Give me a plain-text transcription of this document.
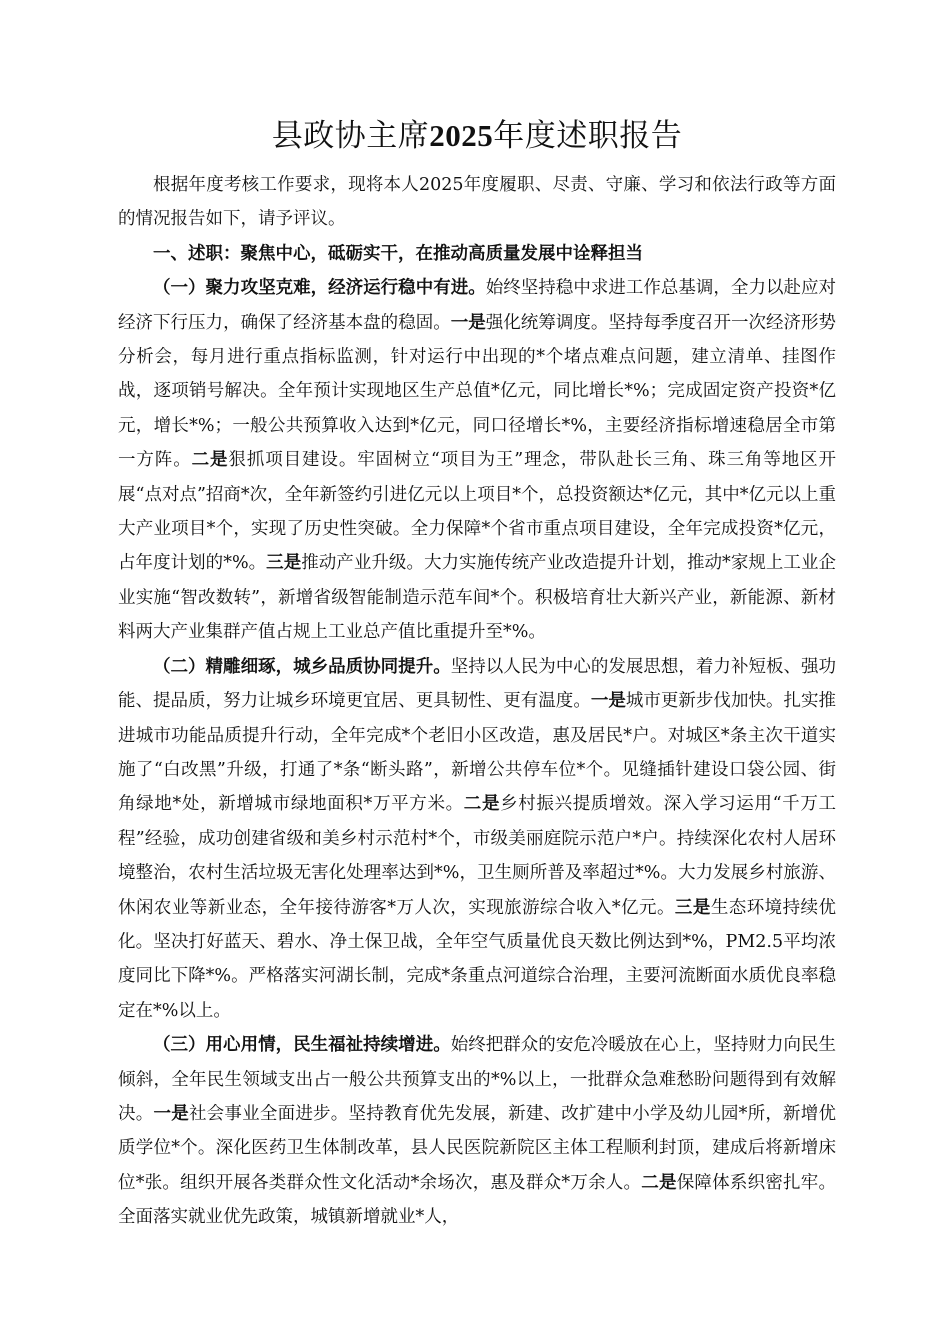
县政协主席2025年度述职报告

根据年度考核工作要求，现将本人2025年度履职、尽责、守廉、学习和依法行政等方面的情况报告如下，请予评议。

一、述职：聚焦中心，砥砺实干，在推动高质量发展中诠释担当

（一）聚力攻坚克难，经济运行稳中有进。始终坚持稳中求进工作总基调，全力以赴应对经济下行压力，确保了经济基本盘的稳固。一是强化统筹调度。坚持每季度召开一次经济形势分析会，每月进行重点指标监测，针对运行中出现的*个堵点难点问题，建立清单、挂图作战，逐项销号解决。全年预计实现地区生产总值*亿元，同比增长*%；完成固定资产投资*亿元，增长*%；一般公共预算收入达到*亿元，同口径增长*%，主要经济指标增速稳居全市第一方阵。二是狠抓项目建设。牢固树立“项目为王”理念，带队赴长三角、珠三角等地区开展“点对点”招商*次，全年新签约引进亿元以上项目*个，总投资额达*亿元，其中*亿元以上重大产业项目*个，实现了历史性突破。全力保障*个省市重点项目建设，全年完成投资*亿元，占年度计划的*%。三是推动产业升级。大力实施传统产业改造提升计划，推动*家规上工业企业实施“智改数转”，新增省级智能制造示范车间*个。积极培育壮大新兴产业，新能源、新材料两大产业集群产值占规上工业总产值比重提升至*%。

（二）精雕细琢，城乡品质协同提升。坚持以人民为中心的发展思想，着力补短板、强功能、提品质，努力让城乡环境更宜居、更具韧性、更有温度。一是城市更新步伐加快。扎实推进城市功能品质提升行动，全年完成*个老旧小区改造，惠及居民*户。对城区*条主次干道实施了“白改黑”升级，打通了*条“断头路”，新增公共停车位*个。见缝插针建设口袋公园、街角绿地*处，新增城市绿地面积*万平方米。二是乡村振兴提质增效。深入学习运用“千万工程”经验，成功创建省级和美乡村示范村*个，市级美丽庭院示范户*户。持续深化农村人居环境整治，农村生活垃圾无害化处理率达到*%，卫生厕所普及率超过*%。大力发展乡村旅游、休闲农业等新业态，全年接待游客*万人次，实现旅游综合收入*亿元。三是生态环境持续优化。坚决打好蓝天、碧水、净土保卫战，全年空气质量优良天数比例达到*%，PM2.5平均浓度同比下降*%。严格落实河湖长制，完成*条重点河道综合治理，主要河流断面水质优良率稳定在*%以上。

（三）用心用情，民生福祉持续增进。始终把群众的安危冷暖放在心上，坚持财力向民生倾斜，全年民生领域支出占一般公共预算支出的*%以上，一批群众急难愁盼问题得到有效解决。一是社会事业全面进步。坚持教育优先发展，新建、改扩建中小学及幼儿园*所，新增优质学位*个。深化医药卫生体制改革，县人民医院新院区主体工程顺利封顶，建成后将新增床位*张。组织开展各类群众性文化活动*余场次，惠及群众*万余人。二是保障体系织密扎牢。全面落实就业优先政策，城镇新增就业*人，
